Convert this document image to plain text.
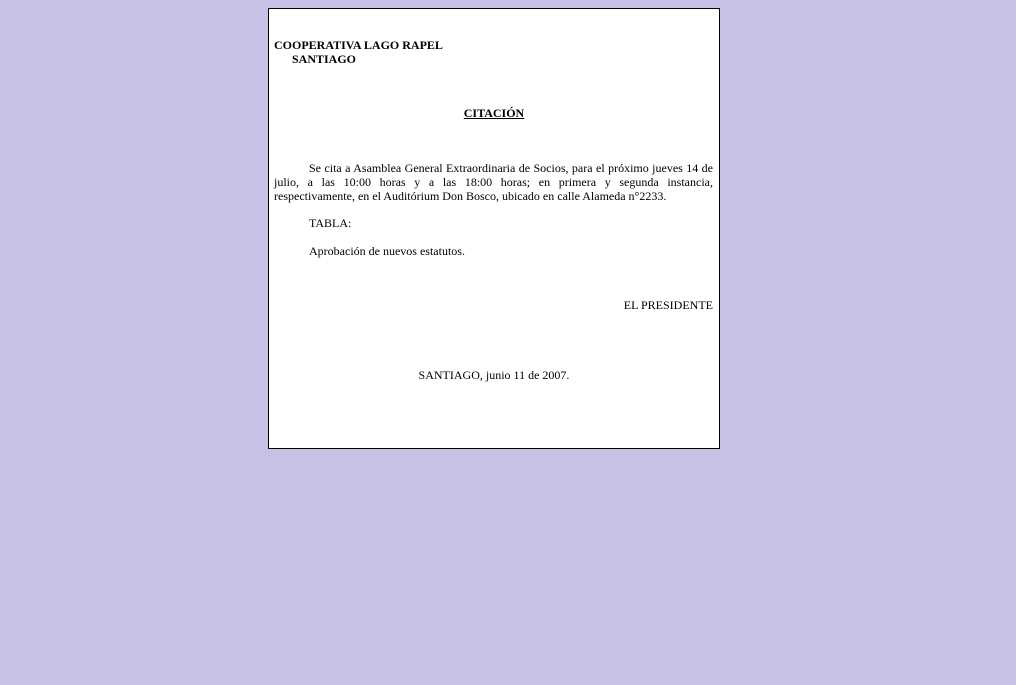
COOPERATIVA LAGO RAPEL
SANTIAGO
CITACIÓN
Se cita a Asamblea General Extraordinaria de Socios, para el próximo jueves 14 de julio, a las 10:00 horas y a las 18:00 horas; en primera y segunda instancia, respectivamente, en el Auditórium Don Bosco, ubicado en calle Alameda n°2233.
TABLA:
Aprobación de nuevos estatutos.
EL PRESIDENTE
SANTIAGO, junio 11 de 2007.
